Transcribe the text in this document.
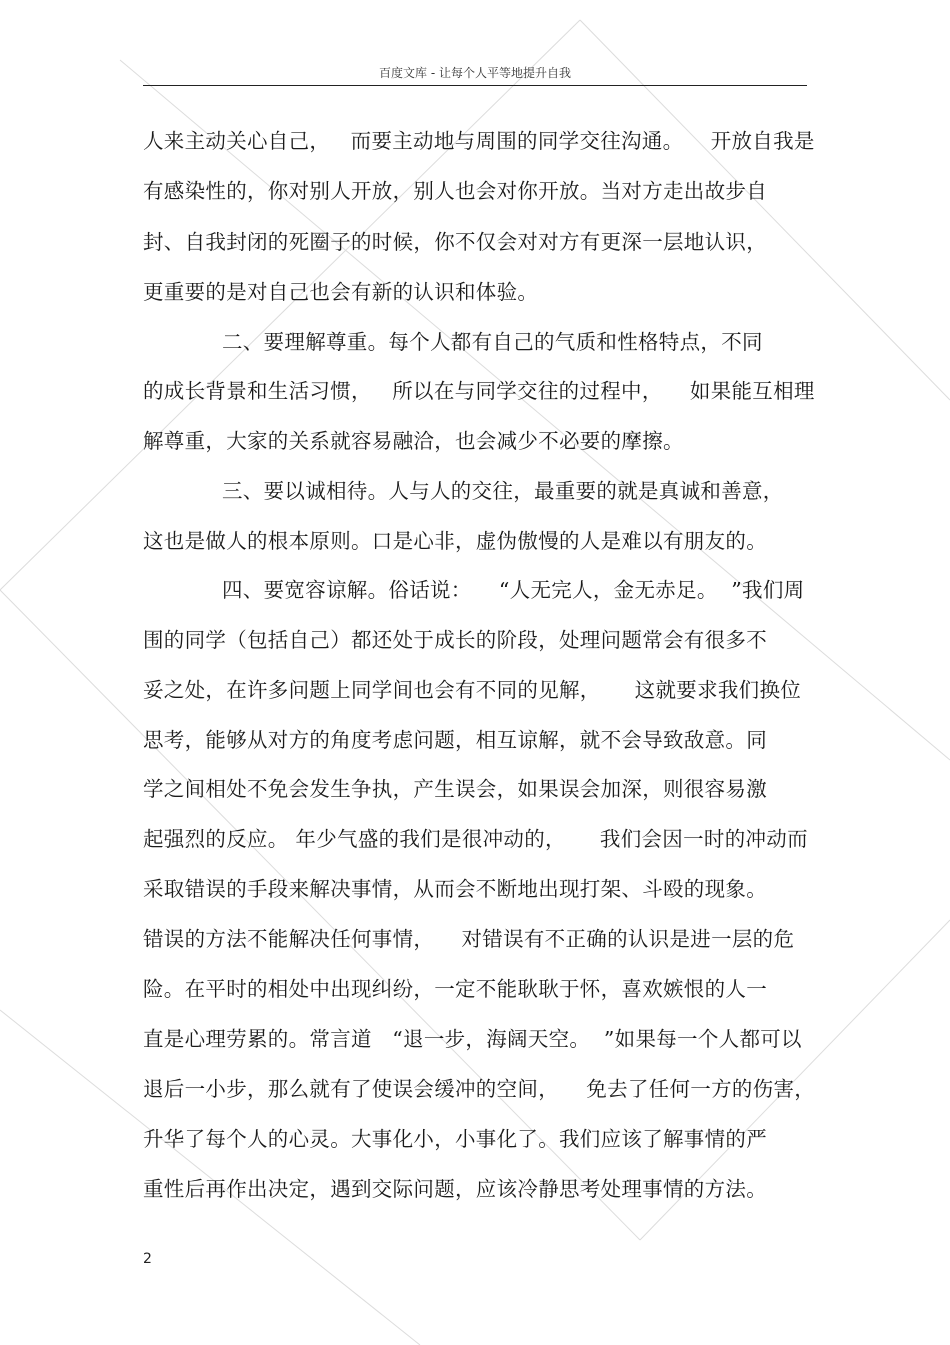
百度文库 - 让每个人平等地提升自我
人来主动关心自己，   而要主动地与周围的同学交往沟通。    开放自我是
有感染性的，你对别人开放，别人也会对你开放。当对方走出故步自
封、自我封闭的死圈子的时候，你不仅会对对方有更深一层地认识，
更重要的是对自己也会有新的认识和体验。
二、要理解尊重。每个人都有自己的气质和性格特点，不同
的成长背景和生活习惯，   所以在与同学交往的过程中，    如果能互相理
解尊重，大家的关系就容易融洽，也会减少不必要的摩擦。
三、要以诚相待。人与人的交往，最重要的就是真诚和善意，
这也是做人的根本原则。口是心非，虚伪傲慢的人是难以有朋友的。
四、要宽容谅解。俗话说：    “人无完人，金无赤足。  ”我们周
围的同学（包括自己）都还处于成长的阶段，处理问题常会有很多不
妥之处，在许多问题上同学间也会有不同的见解，     这就要求我们换位
思考，能够从对方的角度考虑问题，相互谅解，就不会导致敌意。同
学之间相处不免会发生争执，产生误会，如果误会加深，则很容易激
起强烈的反应。 年少气盛的我们是很冲动的，     我们会因一时的冲动而
采取错误的手段来解决事情，从而会不断地出现打架、斗殴的现象。
错误的方法不能解决任何事情，    对错误有不正确的认识是进一层的危
险。在平时的相处中出现纠纷，一定不能耿耿于怀，喜欢嫉恨的人一
直是心理劳累的。常言道   “退一步，海阔天空。  ”如果每一个人都可以
退后一小步，那么就有了使误会缓冲的空间，    免去了任何一方的伤害，
升华了每个人的心灵。大事化小，小事化了。我们应该了解事情的严
重性后再作出决定，遇到交际问题，应该冷静思考处理事情的方法。
2
